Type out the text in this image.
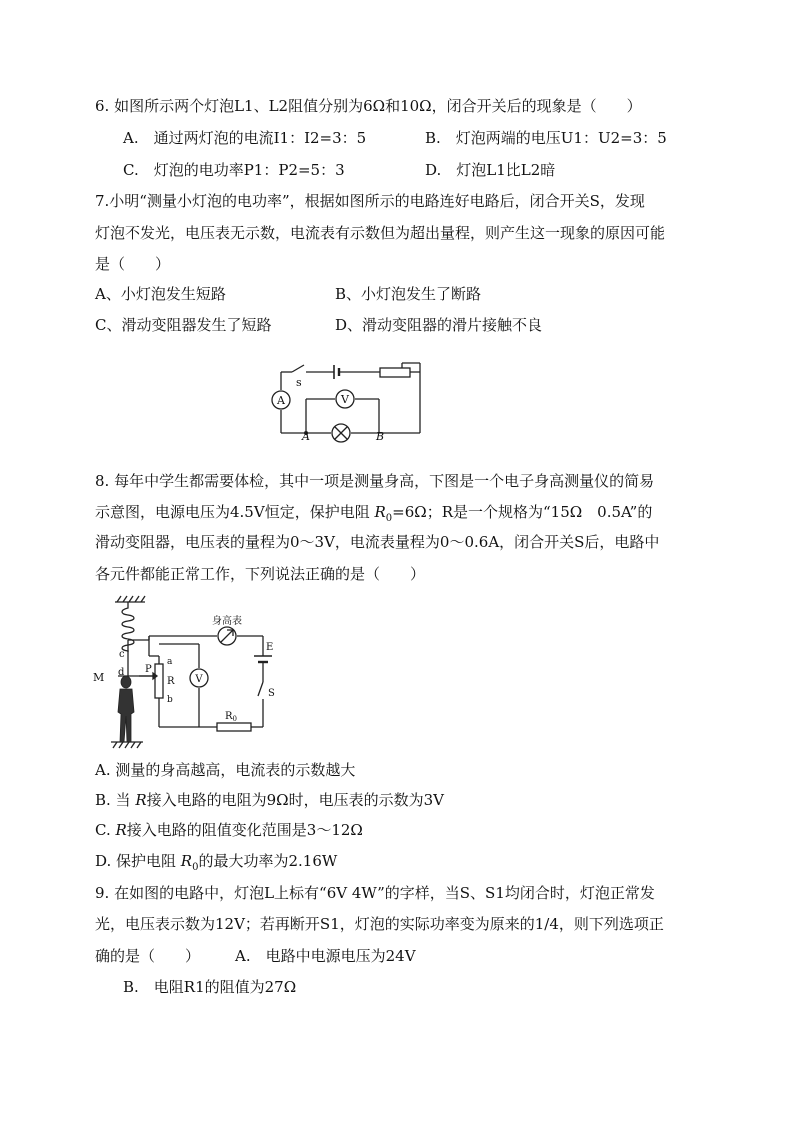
6. 如图所示两个灯泡L1、L2阻值分别为6Ω和10Ω，闭合开关后的现象是（　　）
A.　通过两灯泡的电流I1：I2=3：5	B.　灯泡两端的电压U1：U2=3：5
C.　灯泡的电功率P1：P2=5：3	D.　灯泡L1比L2暗
7.小明“测量小灯泡的电功率”，根据如图所示的电路连好电路后，闭合开关S，发现
灯泡不发光，电压表无示数，电流表有示数但为超出量程，则产生这一现象的原因可能
是（　　）
A、小灯泡发生短路	B、小灯泡发生了断路
C、滑动变阻器发生了短路	D、滑动变阻器的滑片接触不良
s
A	V
A	B
8. 每年中学生都需要体检，其中一项是测量身高，下图是一个电子身高测量仪的简易
示意图，电源电压为4.5V恒定，保护电阻 $R_0=6\Omega$；R是一个规格为“15Ω　0.5A”的
滑动变阻器，电压表的量程为0～3V，电流表量程为0～0.6A，闭合开关S后，电路中
各元件都能正常工作，下列说法正确的是（　　）
c
d
M
P
a
R
b
V
身高表
E
S
$R_0$
A. 测量的身高越高，电流表的示数越大
B. 当 R接入电路的电阻为9Ω时，电压表的示数为3V
C. R接入电路的阻值变化范围是3～12Ω
D. 保护电阻 $R_0$的最大功率为2.16W
9. 在如图的电路中，灯泡L上标有“6V 4W”的字样，当S、S1均闭合时，灯泡正常发
光，电压表示数为12V；若再断开S1，灯泡的实际功率变为原来的1/4，则下列选项正
确的是（　　） A.　电路中电源电压为24V
B.　电阻R1的阻值为27Ω
